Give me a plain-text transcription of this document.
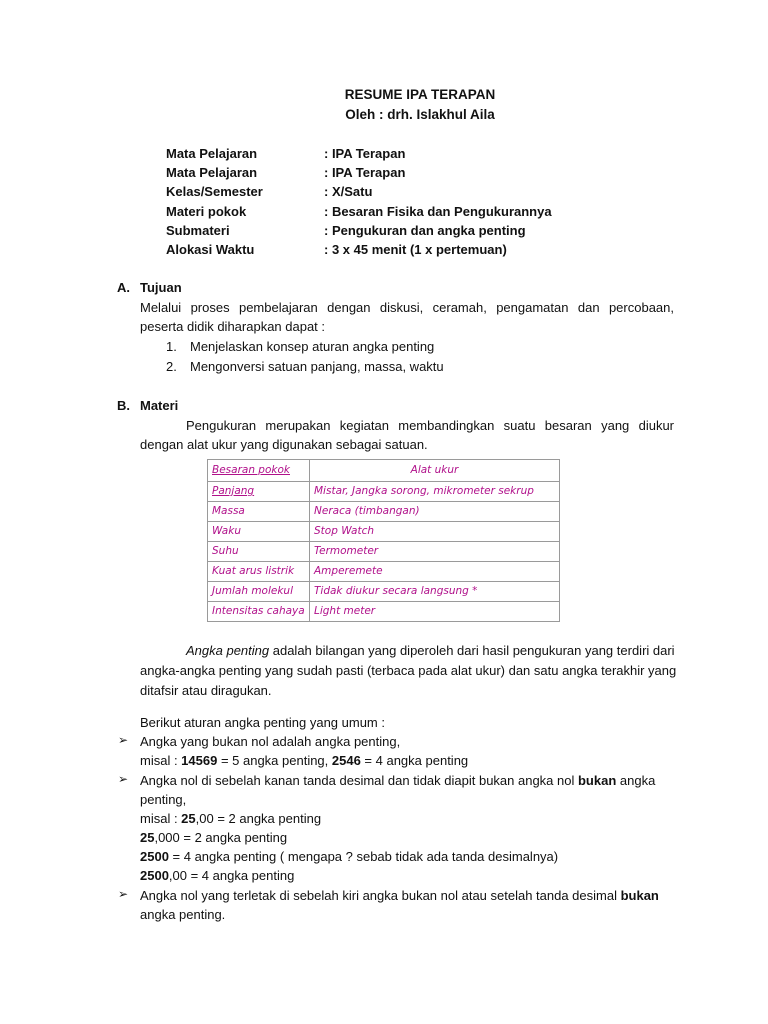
RESUME IPA TERAPAN
Oleh : drh. Islakhul Aila
Mata Pelajaran	: IPA Terapan
Mata Pelajaran	: IPA Terapan
Kelas/Semester	: X/Satu
Materi pokok	: Besaran Fisika dan Pengukurannya
Submateri	: Pengukuran dan angka penting
Alokasi Waktu	: 3 x 45 menit (1 x pertemuan)
A. Tujuan
Melalui proses pembelajaran dengan diskusi, ceramah, pengamatan dan percobaan, peserta didik diharapkan dapat :
1. Menjelaskan konsep aturan angka penting
2. Mengonversi satuan panjang, massa, waktu
B. Materi
Pengukuran merupakan kegiatan membandingkan suatu besaran yang diukur dengan alat ukur yang digunakan sebagai satuan.
Besaran pokok	Alat ukur
Panjang	Mistar, Jangka sorong, mikrometer sekrup
Massa	Neraca (timbangan)
Waku	Stop Watch
Suhu	Termometer
Kuat arus listrik	Amperemete
Jumlah molekul	Tidak diukur secara langsung *
Intensitas cahaya	Light meter
Angka penting adalah bilangan yang diperoleh dari hasil pengukuran yang terdiri dari
angka-angka penting yang sudah pasti (terbaca pada alat ukur) dan satu angka terakhir yang
ditafsir atau diragukan.
Berikut aturan angka penting yang umum :
➢ Angka yang bukan nol adalah angka penting,
misal : 14569 = 5 angka penting, 2546 = 4 angka penting
➢ Angka nol di sebelah kanan tanda desimal dan tidak diapit bukan angka nol bukan angka
penting,
misal : 25,00 = 2 angka penting
25,000 = 2 angka penting
2500 = 4 angka penting ( mengapa ? sebab tidak ada tanda desimalnya)
2500,00 = 4 angka penting
➢ Angka nol yang terletak di sebelah kiri angka bukan nol atau setelah tanda desimal bukan
angka penting.
